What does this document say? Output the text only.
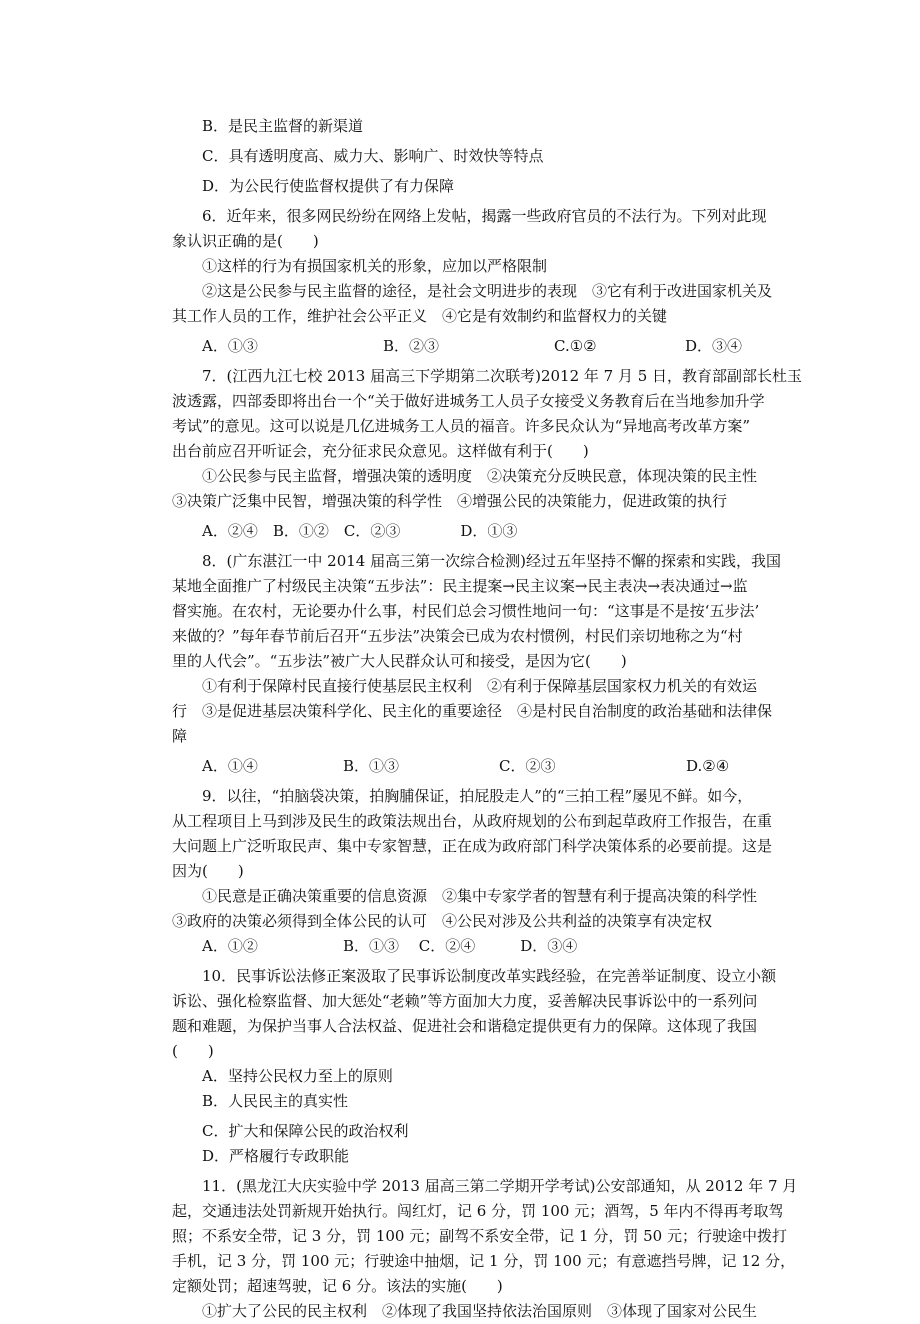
B．是民主监督的新渠道
C．具有透明度高、威力大、影响广、时效快等特点
D．为公民行使监督权提供了有力保障
6．近年来，很多网民纷纷在网络上发帖，揭露一些政府官员的不法行为。下列对此现
象认识正确的是(　　)
①这样的行为有损国家机关的形象，应加以严格限制
②这是公民参与民主监督的途径，是社会文明进步的表现　③它有利于改进国家机关及
其工作人员的工作，维护社会公平正义　④它是有效制约和监督权力的关键
A．①③	B．②③	C.①②	D．③④
7．(江西九江七校 2013 届高三下学期第二次联考)2012 年 7 月 5 日，教育部副部长杜玉
波透露，四部委即将出台一个“关于做好进城务工人员子女接受义务教育后在当地参加升学
考试”的意见。这可以说是几亿进城务工人员的福音。许多民众认为“异地高考改革方案”
出台前应召开听证会，充分征求民众意见。这样做有利于(　　)
①公民参与民主监督，增强决策的透明度　②决策充分反映民意，体现决策的民主性
③决策广泛集中民智，增强决策的科学性　④增强公民的决策能力，促进政策的执行
A．②④　B．①②　C．②③　　　　D．①③
8．(广东湛江一中 2014 届高三第一次综合检测)经过五年坚持不懈的探索和实践，我国
某地全面推广了村级民主决策“五步法”：民主提案→民主议案→民主表决→表决通过→监
督实施。在农村，无论要办什么事，村民们总会习惯性地问一句：“这事是不是按‘五步法’
来做的？”每年春节前后召开“五步法”决策会已成为农村惯例，村民们亲切地称之为“村
里的人代会”。“五步法”被广大人民群众认可和接受，是因为它(　　)
①有利于保障村民直接行使基层民主权利　②有利于保障基层国家权力机关的有效运
行　③是促进基层决策科学化、民主化的重要途径　④是村民自治制度的政治基础和法律保
障
A．①④	B．①③	C．②③	D.②④
9．以往，“拍脑袋决策，拍胸脯保证，拍屁股走人”的“三拍工程”屡见不鲜。如今，
从工程项目上马到涉及民生的政策法规出台，从政府规划的公布到起草政府工作报告，在重
大问题上广泛听取民声、集中专家智慧，正在成为政府部门科学决策体系的必要前提。这是
因为(　　)
①民意是正确决策重要的信息资源　②集中专家学者的智慧有利于提高决策的科学性
③政府的决策必须得到全体公民的认可　④公民对涉及公共利益的决策享有决定权
A．①②	B．①③　 C．②④　　　D．③④
10．民事诉讼法修正案汲取了民事诉讼制度改革实践经验，在完善举证制度、设立小额
诉讼、强化检察监督、加大惩处“老赖”等方面加大力度，妥善解决民事诉讼中的一系列问
题和难题，为保护当事人合法权益、促进社会和谐稳定提供更有力的保障。这体现了我国
(　　)
A．坚持公民权力至上的原则
B．人民民主的真实性
C．扩大和保障公民的政治权利
D．严格履行专政职能
11．(黑龙江大庆实验中学 2013 届高三第二学期开学考试)公安部通知，从 2012 年 7 月
起，交通违法处罚新规开始执行。闯红灯，记 6 分，罚 100 元；酒驾，5 年内不得再考取驾
照；不系安全带，记 3 分，罚 100 元；副驾不系安全带，记 1 分，罚 50 元；行驶途中拨打
手机，记 3 分，罚 100 元；行驶途中抽烟，记 1 分，罚 100 元；有意遮挡号牌，记 12 分，
定额处罚；超速驾驶，记 6 分。该法的实施(　　)
①扩大了公民的民主权利　②体现了我国坚持依法治国原则　③体现了国家对公民生
